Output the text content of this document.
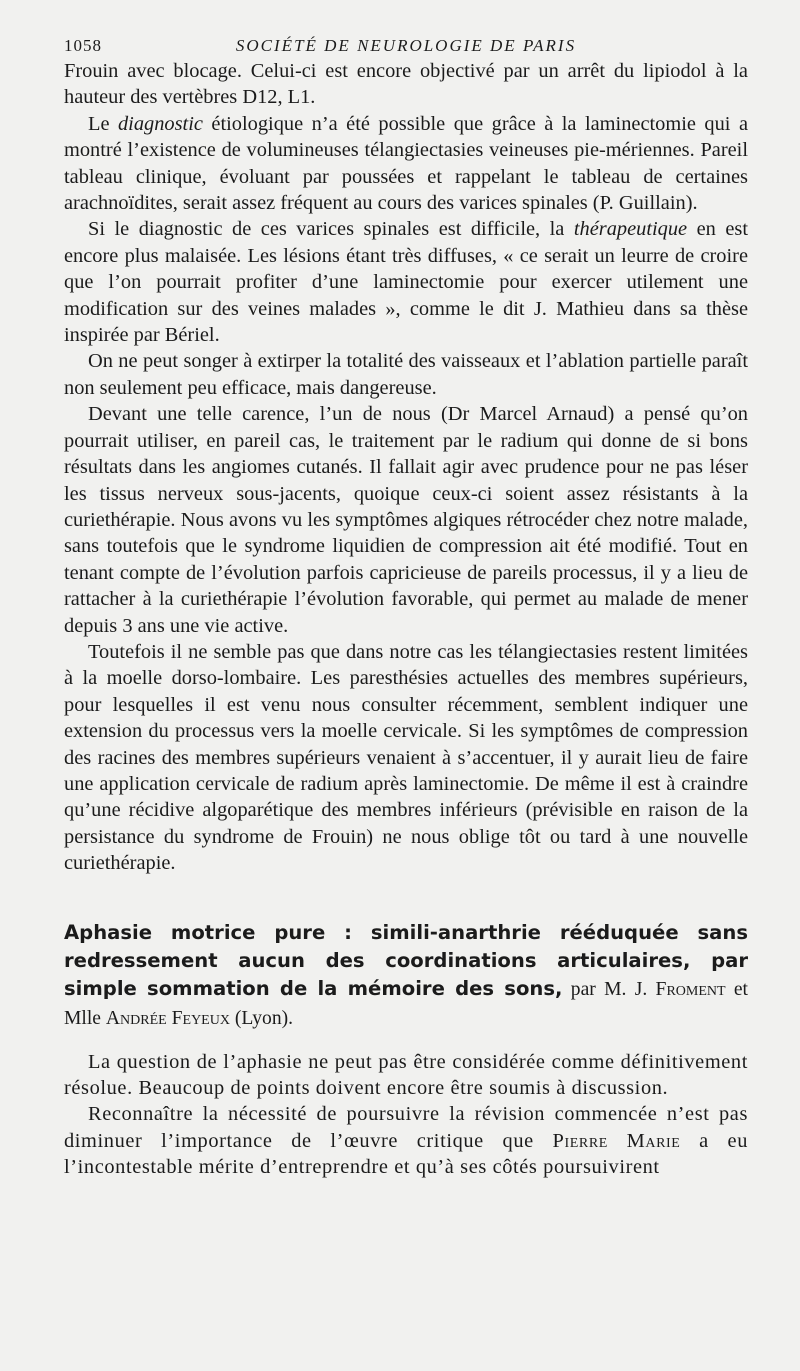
1058	SOCIÉTÉ DE NEUROLOGIE DE PARIS

Frouin avec blocage. Celui-ci est encore objectivé par un arrêt du lipiodol à la hauteur des vertèbres D12, L1.

Le diagnostic étiologique n’a été possible que grâce à la laminectomie qui a montré l’existence de volumineuses télangiectasies veineuses pie-mériennes. Pareil tableau clinique, évoluant par poussées et rappelant le tableau de certaines arachnoïdites, serait assez fréquent au cours des varices spinales (P. Guillain).

Si le diagnostic de ces varices spinales est difficile, la thérapeutique en est encore plus malaisée. Les lésions étant très diffuses, « ce serait un leurre de croire que l’on pourrait profiter d’une laminectomie pour exercer utilement une modification sur des veines malades », comme le dit J. Mathieu dans sa thèse inspirée par Bériel.

On ne peut songer à extirper la totalité des vaisseaux et l’ablation partielle paraît non seulement peu efficace, mais dangereuse.

Devant une telle carence, l’un de nous (Dr Marcel Arnaud) a pensé qu’on pourrait utiliser, en pareil cas, le traitement par le radium qui donne de si bons résultats dans les angiomes cutanés. Il fallait agir avec prudence pour ne pas léser les tissus nerveux sous-jacents, quoique ceux-ci soient assez résistants à la curiethérapie. Nous avons vu les symptômes algiques rétrocéder chez notre malade, sans toutefois que le syndrome liquidien de compression ait été modifié. Tout en tenant compte de l’évolution parfois capricieuse de pareils processus, il y a lieu de rattacher à la curiethérapie l’évolution favorable, qui permet au malade de mener depuis 3 ans une vie active.

Toutefois il ne semble pas que dans notre cas les télangiectasies restent limitées à la moelle dorso-lombaire. Les paresthésies actuelles des membres supérieurs, pour lesquelles il est venu nous consulter récemment, semblent indiquer une extension du processus vers la moelle cervicale. Si les symptômes de compression des racines des membres supérieurs venaient à s’accentuer, il y aurait lieu de faire une application cervicale de radium après laminectomie. De même il est à craindre qu’une récidive algoparétique des membres inférieurs (prévisible en raison de la persistance du syndrome de Frouin) ne nous oblige tôt ou tard à une nouvelle curiethérapie.

Aphasie motrice pure : simili-anarthrie rééduquée sans redressement aucun des coordinations articulaires, par simple sommation de la mémoire des sons, par M. J. Froment et Mlle Andrée Feyeux (Lyon).

La question de l’aphasie ne peut pas être considérée comme définitivement résolue. Beaucoup de points doivent encore être soumis à discussion.

Reconnaître la nécessité de poursuivre la révision commencée n’est pas diminuer l’importance de l’œuvre critique que Pierre Marie a eu l’incontestable mérite d’entreprendre et qu’à ses côtés poursuivirent
